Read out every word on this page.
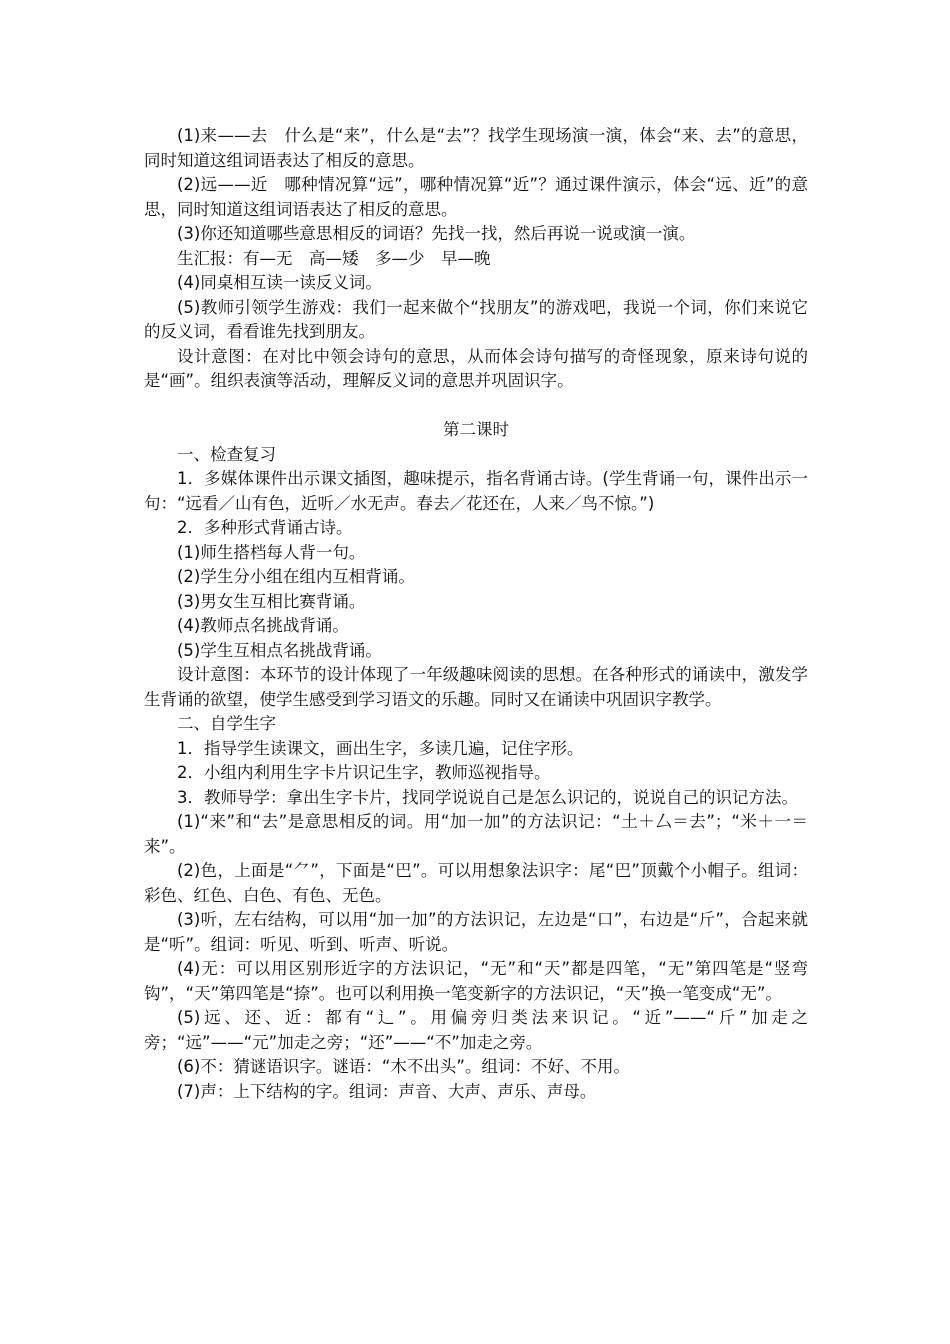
(1)来——去　什么是“来”，什么是“去”？找学生现场演一演，体会“来、去”的意思，同时知道这组词语表达了相反的意思。

(2)远——近　哪种情况算“远”，哪种情况算“近”？通过课件演示，体会“远、近”的意思，同时知道这组词语表达了相反的意思。

(3)你还知道哪些意思相反的词语？先找一找，然后再说一说或演一演。

生汇报：有—无　高—矮　多—少　早—晚

(4)同桌相互读一读反义词。

(5)教师引领学生游戏：我们一起来做个“找朋友”的游戏吧，我说一个词，你们来说它的反义词，看看谁先找到朋友。

设计意图：在对比中领会诗句的意思，从而体会诗句描写的奇怪现象，原来诗句说的是“画”。组织表演等活动，理解反义词的意思并巩固识字。

第二课时

一、检查复习

1．多媒体课件出示课文插图，趣味提示，指名背诵古诗。(学生背诵一句，课件出示一句：“远看／山有色，近听／水无声。春去／花还在，人来／鸟不惊。”)

2．多种形式背诵古诗。

(1)师生搭档每人背一句。

(2)学生分小组在组内互相背诵。

(3)男女生互相比赛背诵。

(4)教师点名挑战背诵。

(5)学生互相点名挑战背诵。

设计意图：本环节的设计体现了一年级趣味阅读的思想。在各种形式的诵读中，激发学生背诵的欲望，使学生感受到学习语文的乐趣。同时又在诵读中巩固识字教学。

二、自学生字

1．指导学生读课文，画出生字，多读几遍，记住字形。

2．小组内利用生字卡片识记生字，教师巡视指导。

3．教师导学：拿出生字卡片，找同学说说自己是怎么识记的，说说自己的识记方法。

(1)“来”和“去”是意思相反的词。用“加一加”的方法识记：“土＋厶＝去”；“米＋一＝来”。

(2)色，上面是“⺈”，下面是“巴”。可以用想象法识字：尾“巴”顶戴个小帽子。组词：彩色、红色、白色、有色、无色。

(3)听，左右结构，可以用“加一加”的方法识记，左边是“口”，右边是“斤”，合起来就是“听”。组词：听见、听到、听声、听说。

(4)无：可以用区别形近字的方法识记，“无”和“天”都是四笔，“无”第四笔是“竖弯钩”，“天”第四笔是“捺”。也可以利用换一笔变新字的方法识记，“天”换一笔变成“无”。

(5)远、还、近：都有“辶”。用偏旁归类法来识记。“近”——“斤”加走之旁；“远”——“元”加走之旁；“还”——“不”加走之旁。

(6)不：猜谜语识字。谜语：“木不出头”。组词：不好、不用。

(7)声：上下结构的字。组词：声音、大声、声乐、声母。
